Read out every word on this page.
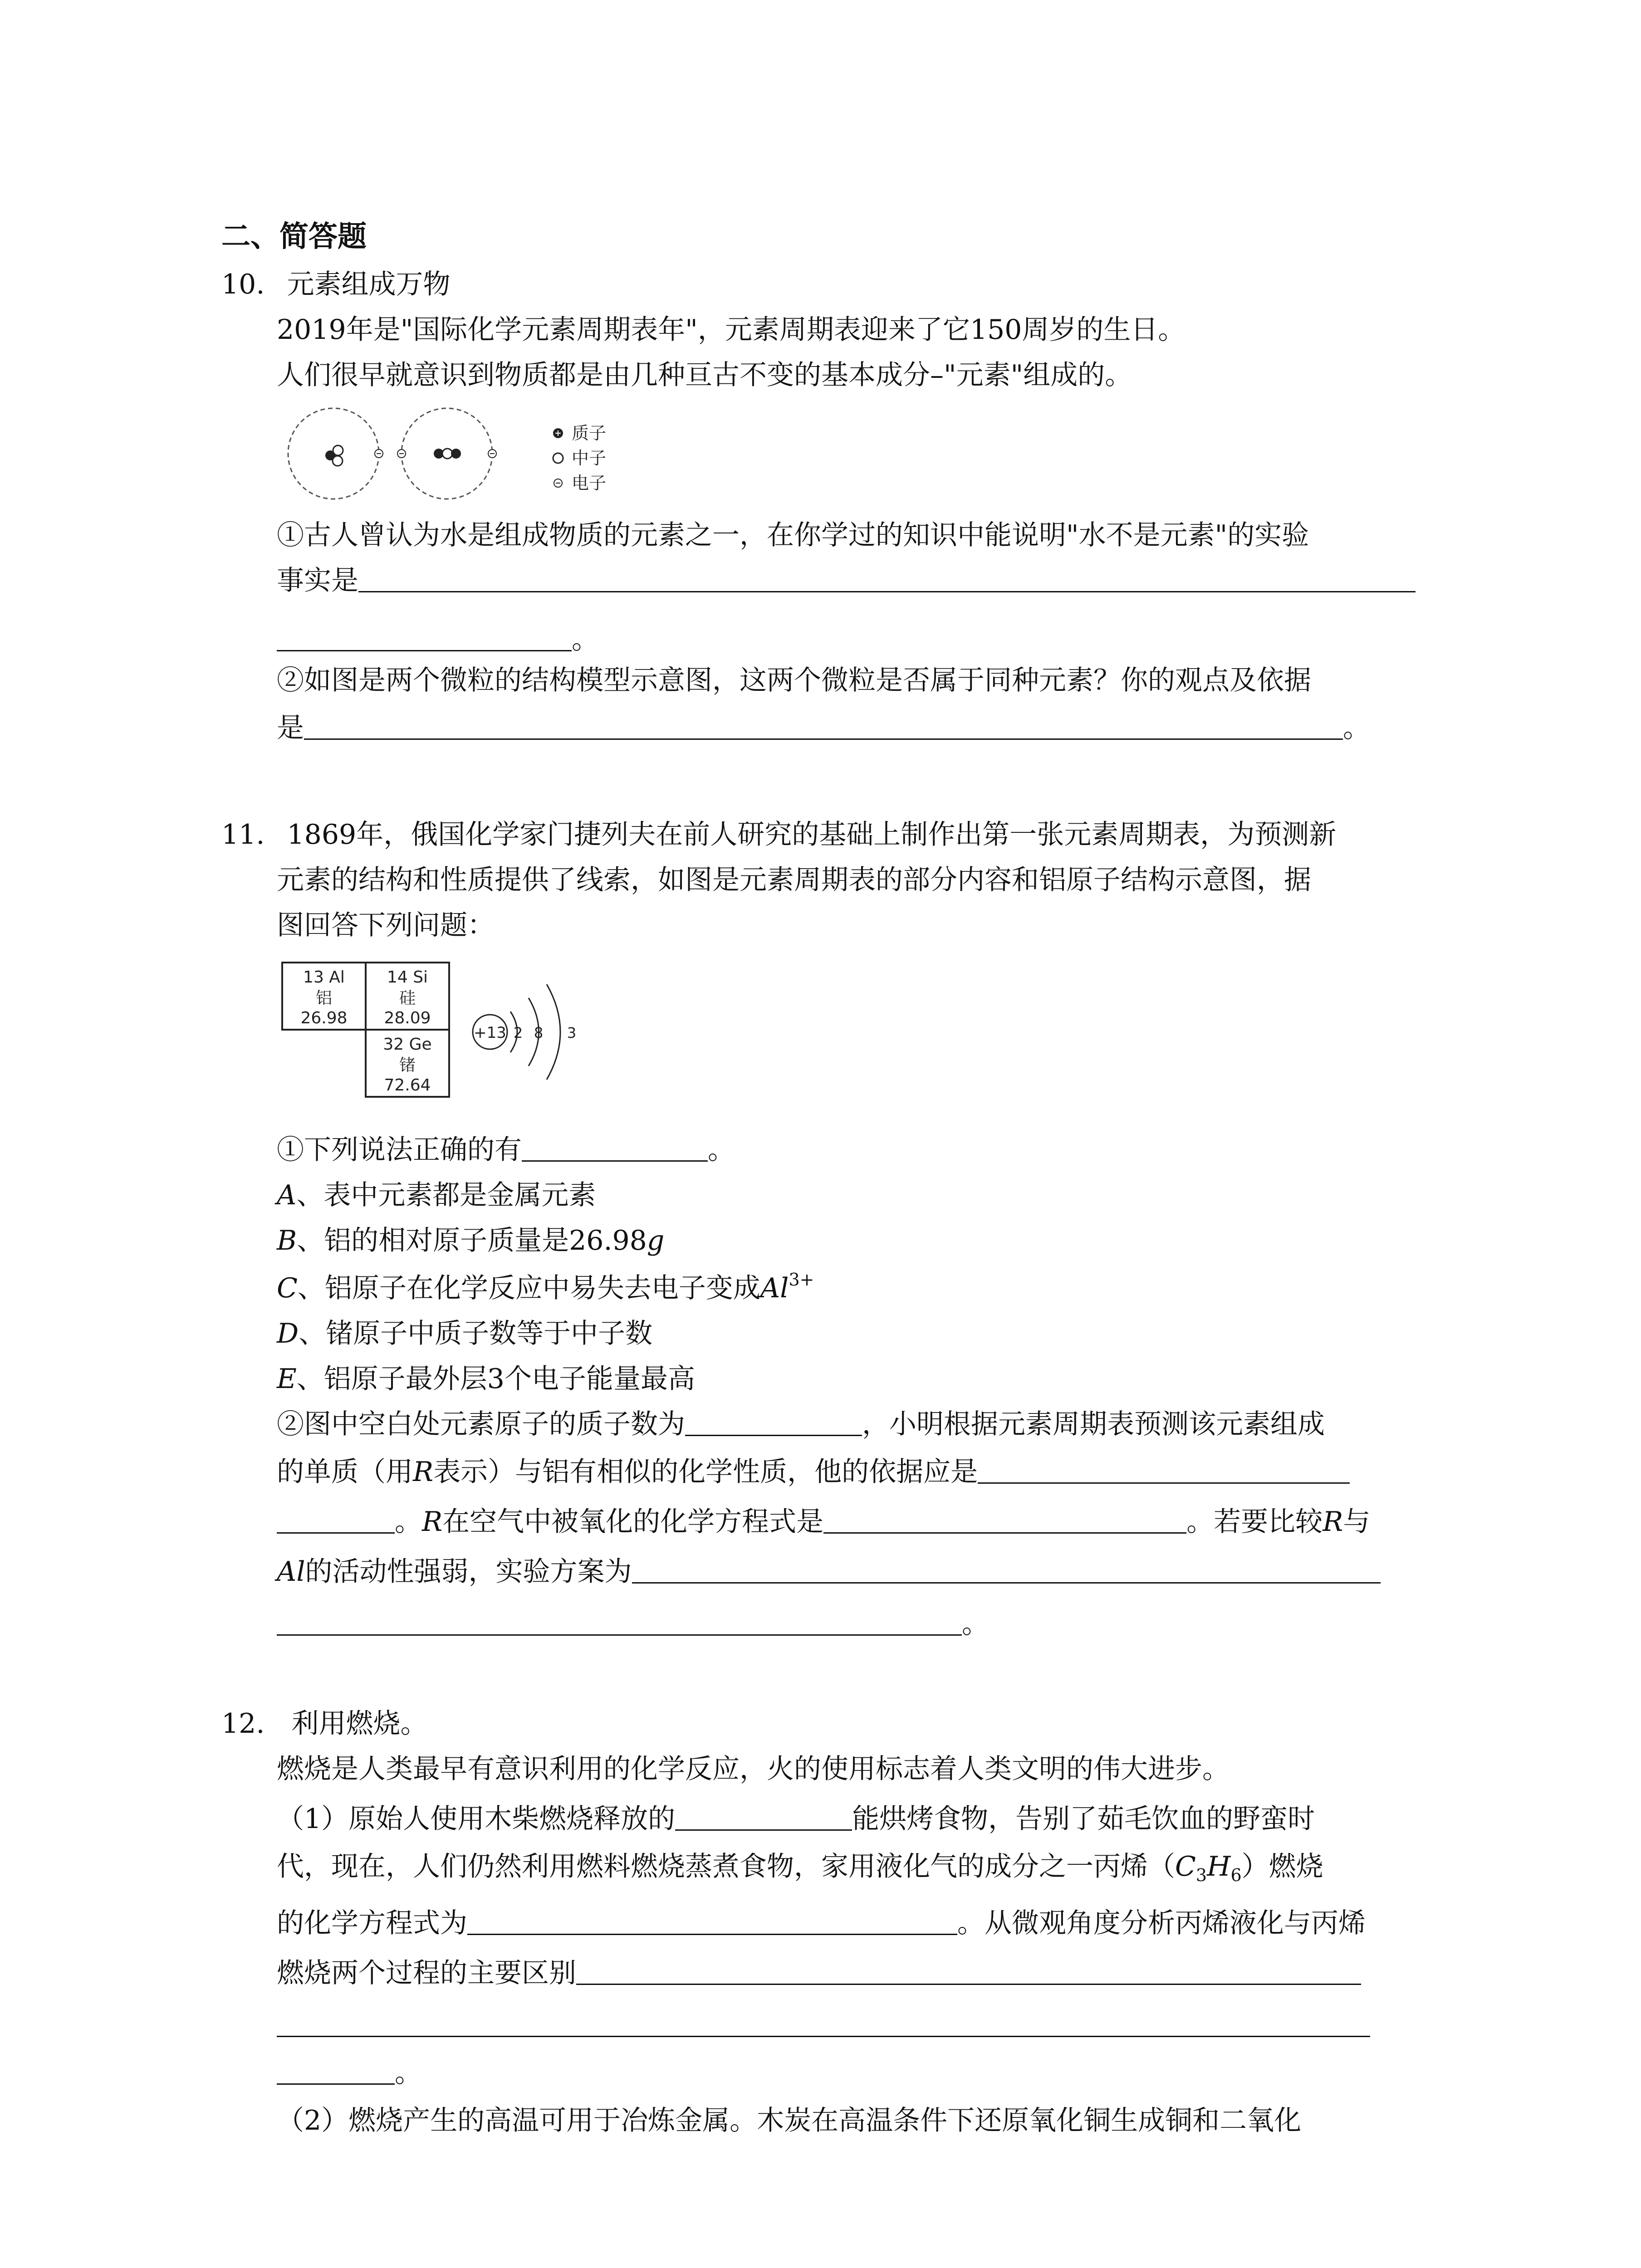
二、简答题
10. 元素组成万物
2019年是"国际化学元素周期表年"，元素周期表迎来了它150周岁的生日。
人们很早就意识到物质都是由几种亘古不变的基本成分–"元素"组成的。
质子
中子
电子
①古人曾认为水是组成物质的元素之一，在你学过的知识中能说明"水不是元素"的实验
事实是
。
②如图是两个微粒的结构模型示意图，这两个微粒是否属于同种元素？你的观点及依据
是	。
11. 1869年，俄国化学家门捷列夫在前人研究的基础上制作出第一张元素周期表，为预测新
元素的结构和性质提供了线索，如图是元素周期表的部分内容和铝原子结构示意图，据
图回答下列问题：
13 Al
铝
26.98
14 Si
硅
28.09
32 Ge
锗
72.64
+13 2 8 3
①下列说法正确的有	。
A、表中元素都是金属元素
B、铝的相对原子质量是26.98g
C、铝原子在化学反应中易失去电子变成$Al^{3+}$
D、锗原子中质子数等于中子数
E、铝原子最外层3个电子能量最高
②图中空白处元素原子的质子数为	，小明根据元素周期表预测该元素组成
的单质（用R表示）与铝有相似的化学性质，他的依据应是
。R在空气中被氧化的化学方程式是	。若要比较R与
Al的活动性强弱，实验方案为
。
12. 利用燃烧。
燃烧是人类最早有意识利用的化学反应，火的使用标志着人类文明的伟大进步。
（1）原始人使用木柴燃烧释放的	能烘烤食物，告别了茹毛饮血的野蛮时
代，现在，人们仍然利用燃料燃烧蒸煮食物，家用液化气的成分之一丙烯$(C_3H_6)$燃烧
的化学方程式为	。从微观角度分析丙烯液化与丙烯
燃烧两个过程的主要区别
。
（2）燃烧产生的高温可用于冶炼金属。木炭在高温条件下还原氧化铜生成铜和二氧化
